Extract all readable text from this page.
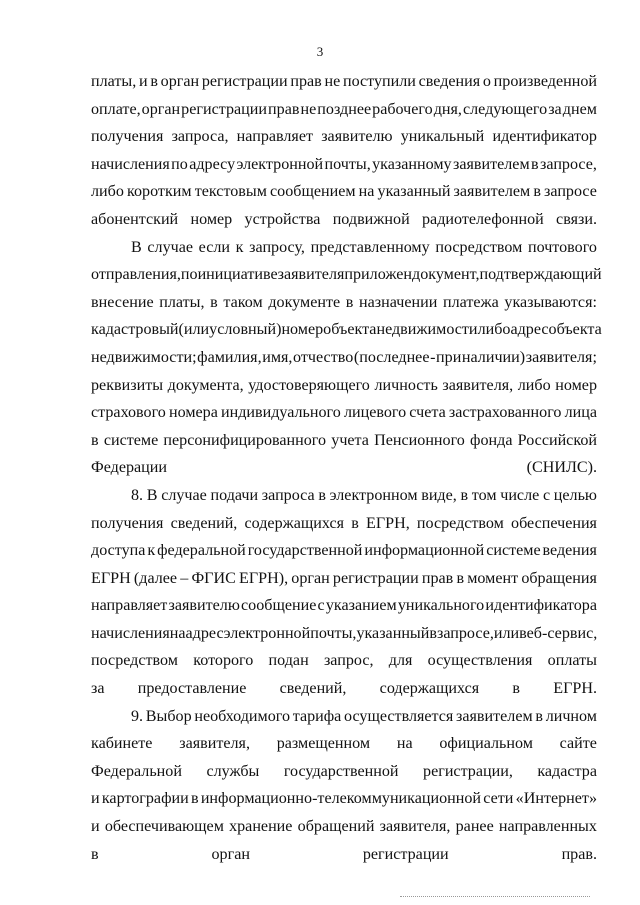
3
платы, и в орган регистрации прав не поступили сведения о произведенной
оплате, орган регистрации прав не позднее рабочего дня, следующего за днем
получения запроса, направляет заявителю уникальный идентификатор
начисления по адресу электронной почты, указанному заявителем в запросе,
либо коротким текстовым сообщением на указанный заявителем в запросе
абонентский номер устройства подвижной радиотелефонной связи.
В случае если к запросу, представленному посредством почтового
отправления, по инициативе заявителя приложен документ, подтверждающий
внесение платы, в таком документе в назначении платежа указываются:
кадастровый (или условный) номер объекта недвижимости либо адрес объекта
недвижимости; фамилия, имя, отчество (последнее - при наличии) заявителя;
реквизиты документа, удостоверяющего личность заявителя, либо номер
страхового номера индивидуального лицевого счета застрахованного лица
в системе персонифицированного учета Пенсионного фонда Российской
Федерации (СНИЛС).
8. В случае подачи запроса в электронном виде, в том числе с целью
получения сведений, содержащихся в ЕГРН, посредством обеспечения
доступа к федеральной государственной информационной системе ведения
ЕГРН (далее – ФГИС ЕГРН), орган регистрации прав в момент обращения
направляет заявителю сообщение с указанием уникального идентификатора
начисления на адрес электронной почты, указанный в запросе, или веб-сервис,
посредством которого подан запрос, для осуществления оплаты
за предоставление сведений, содержащихся в ЕГРН.
9. Выбор необходимого тарифа осуществляется заявителем в личном
кабинете заявителя, размещенном на официальном сайте
Федеральной службы государственной регистрации, кадастра
и картографии в информационно-телекоммуникационной сети «Интернет»
и обеспечивающем хранение обращений заявителя, ранее направленных
в орган регистрации прав.
